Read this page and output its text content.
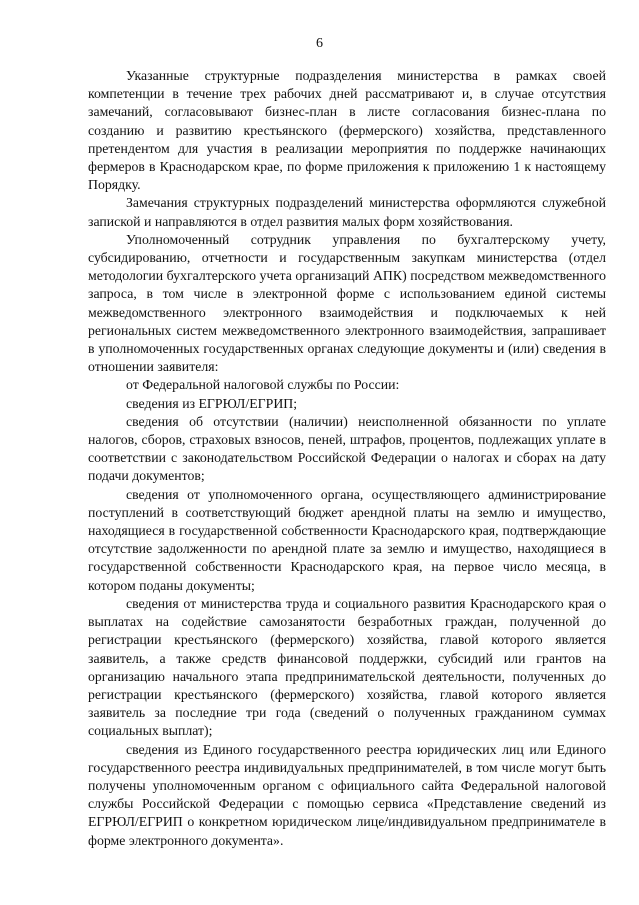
6

Указанные структурные подразделения министерства в рамках своей компетенции в течение трех рабочих дней рассматривают и, в случае отсутствия замечаний, согласовывают бизнес-план в листе согласования бизнес-плана по созданию и развитию крестьянского (фермерского) хозяйства, представленного претендентом для участия в реализации мероприятия по поддержке начинающих фермеров в Краснодарском крае, по форме приложения к приложению 1 к настоящему Порядку.

Замечания структурных подразделений министерства оформляются служебной запиской и направляются в отдел развития малых форм хозяйствования.

Уполномоченный сотрудник управления по бухгалтерскому учету, субсидированию, отчетности и государственным закупкам министерства (отдел методологии бухгалтерского учета организаций АПК) посредством межведомственного запроса, в том числе в электронной форме с использованием единой системы межведомственного электронного взаимодействия и подключаемых к ней региональных систем межведомственного электронного взаимодействия, запрашивает в уполномоченных государственных органах следующие документы и (или) сведения в отношении заявителя:

от Федеральной налоговой службы по России:

сведения из ЕГРЮЛ/ЕГРИП;

сведения об отсутствии (наличии) неисполненной обязанности по уплате налогов, сборов, страховых взносов, пеней, штрафов, процентов, подлежащих уплате в соответствии с законодательством Российской Федерации о налогах и сборах на дату подачи документов;

сведения от уполномоченного органа, осуществляющего администрирование поступлений в соответствующий бюджет арендной платы на землю и имущество, находящиеся в государственной собственности Краснодарского края, подтверждающие отсутствие задолженности по арендной плате за землю и имущество, находящиеся в государственной собственности Краснодарского края, на первое число месяца, в котором поданы документы;

сведения от министерства труда и социального развития Краснодарского края о выплатах на содействие самозанятости безработных граждан, полученной до регистрации крестьянского (фермерского) хозяйства, главой которого является заявитель, а также средств финансовой поддержки, субсидий или грантов на организацию начального этапа предпринимательской деятельности, полученных до регистрации крестьянского (фермерского) хозяйства, главой которого является заявитель за последние три года (сведений о полученных гражданином суммах социальных выплат);

сведения из Единого государственного реестра юридических лиц или Единого государственного реестра индивидуальных предпринимателей, в том числе могут быть получены уполномоченным органом с официального сайта Федеральной налоговой службы Российской Федерации с помощью сервиса «Представление сведений из ЕГРЮЛ/ЕГРИП о конкретном юридическом лице/индивидуальном предпринимателе в форме электронного документа».
